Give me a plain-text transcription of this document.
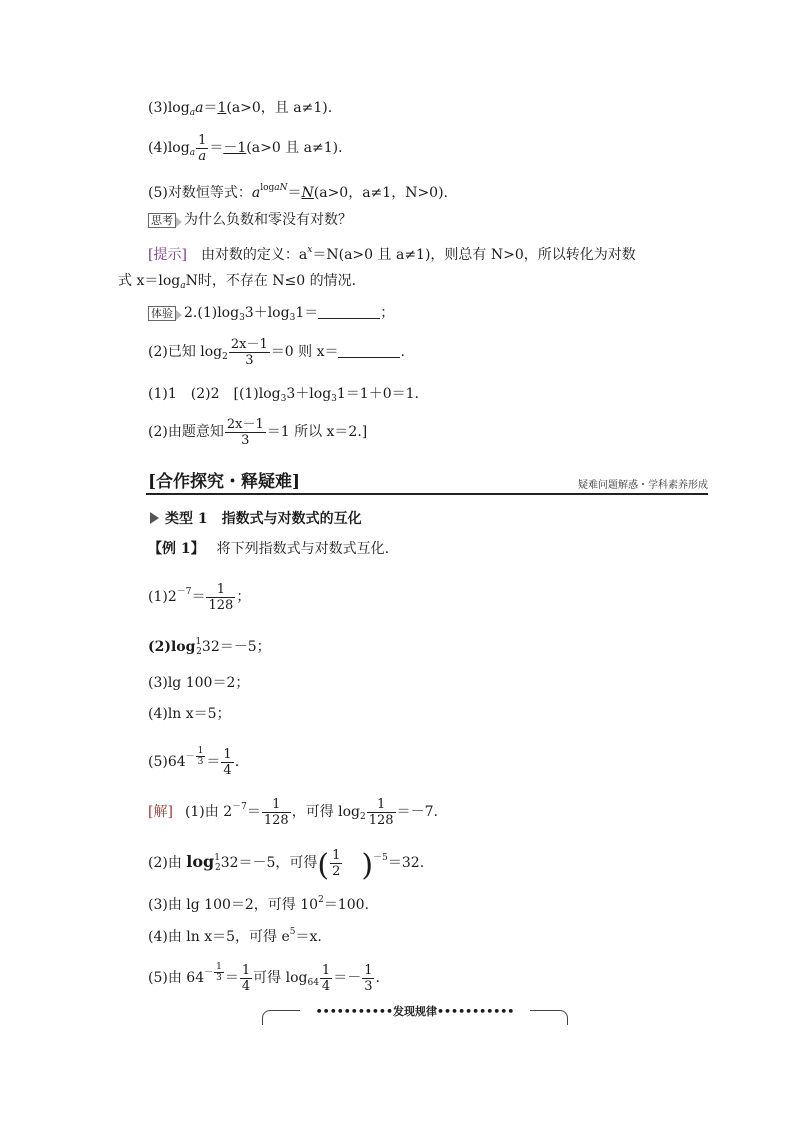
$(3)\log_aa=1(a>0$，且 a≠1).
$(4)\log_a \frac{1}{a} =-1(a>0$ 且 a≠1).
(5)对数恒等式：$a^{logaN}=N(a>0$，a≠1，N>0).
思考 为什么负数和零没有对数？
[提示] 由对数的定义：$a^x=N(a>0$ 且 a≠1)，则总有 N>0，所以转化为对数
式 $x=\log_aN$时，不存在 N≤0 的情况.
体验 $2.(1)\log_33+\log_31=$	；
(2)已知 $\log_2 \frac{2x-1}{3} =0$ 则 x＝	.
(1)1　(2)2　[$(1)\log_33+\log_31=1+0=1$.
(2)由题意知 $\frac{2x-1}{3} =1$ 所以 x＝2.]
[合作探究・释疑难]	疑难问题解惑・学科素养形成
类型 1　指数式与对数式的互化
【例 1】 将下列指数式与对数式互化.
$(1)2^{-7}= \frac{1}{128}$ ；
$(2)\log^1_232=-5$；
(3)lg 100＝2；
(4)ln x＝5；
$(5)64^{- \frac{1}{3}} = \frac{1}{4}$ .
[解] (1)由 $2^{-7}= \frac{1}{128}$ ，可得 $\log_2 \frac{1}{128} =-7$.
(2)由 $\log^1_232=-5$，可得( $\frac{1}{2} )^{-5}=32$.
(3)由 lg 100＝2，可得 $10^2=100$.
(4)由 ln x＝5，可得 $e^5=x$.
(5)由 $64^{- \frac{1}{3}} = \frac{1}{4}$ 可得 $\log_{64} \frac{1}{4} =- \frac{1}{3}$ .
•••••••••••发现规律•••••••••••
